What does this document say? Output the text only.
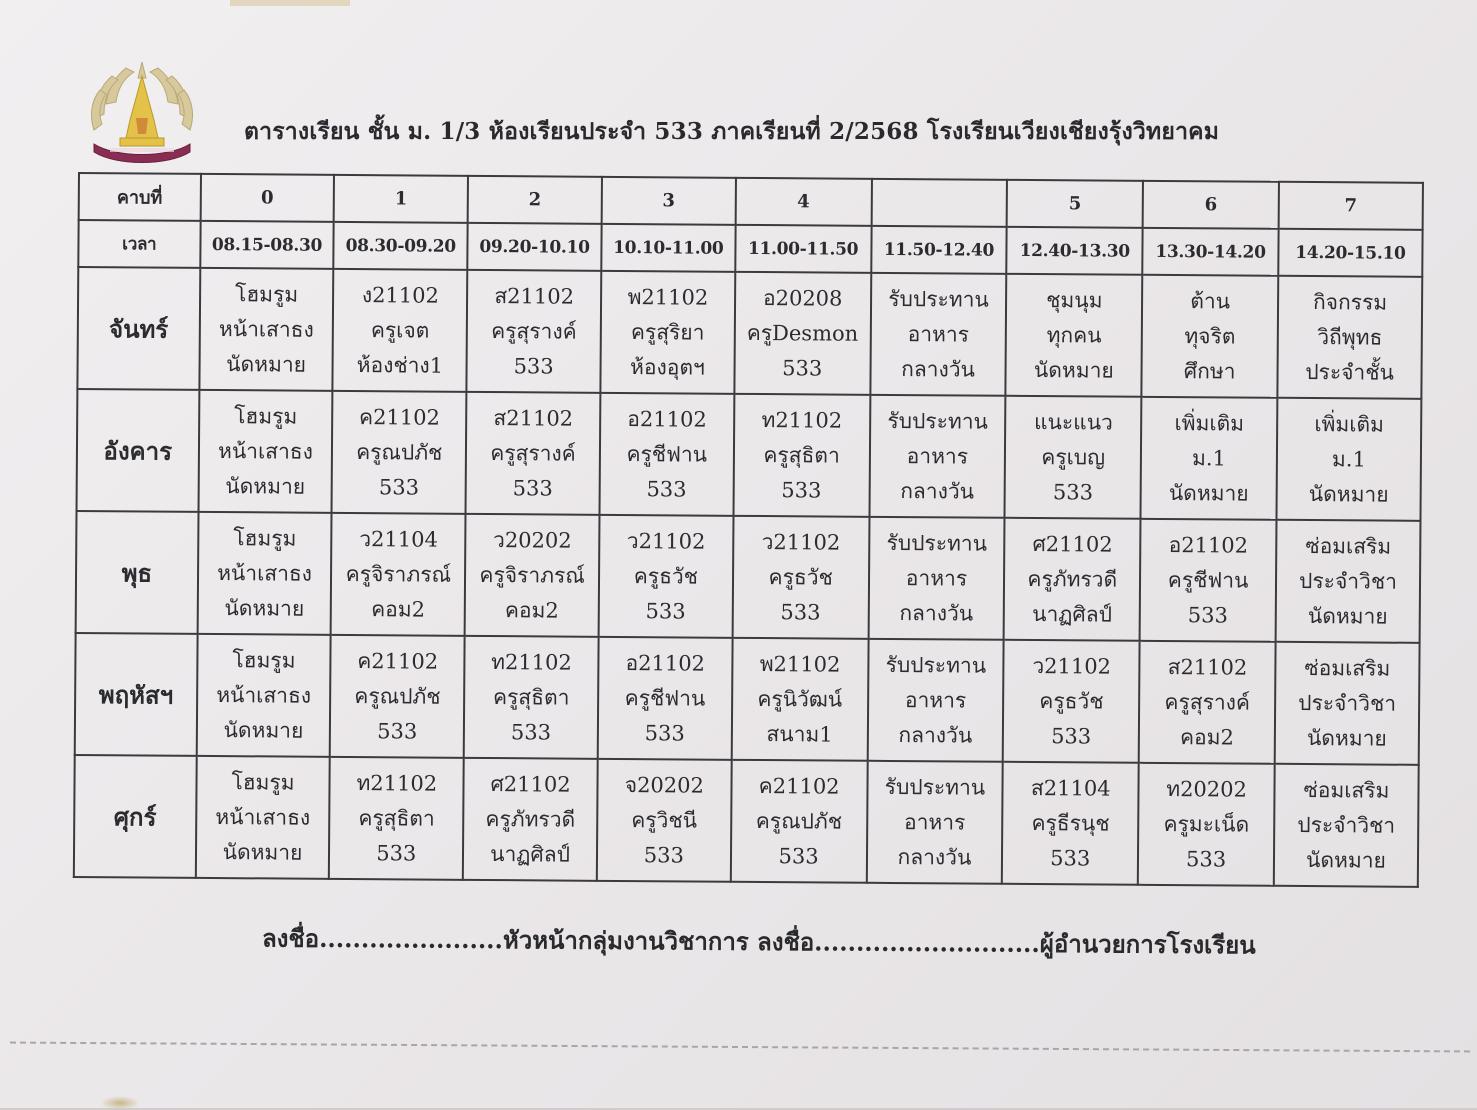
ตารางเรียน ชั้น ม. 1/3 ห้องเรียนประจำ 533 ภาคเรียนที่ 2/2568 โรงเรียนเวียงเชียงรุ้งวิทยาคม
คาบที่	0	1	2	3	4		5	6	7
เวลา	08.15-08.30	08.30-09.20	09.20-10.10	10.10-11.00	11.00-11.50	11.50-12.40	12.40-13.30	13.30-14.20	14.20-15.10
จันทร์	โฮมรูม
หน้าเสาธง
นัดหมาย	ง21102
ครูเจต
ห้องช่าง1	ส21102
ครูสุรางค์
533	พ21102
ครูสุริยา
ห้องอุตฯ	อ20208
ครูDesmon
533	รับประทาน
อาหาร
กลางวัน	ชุมนุม
ทุกคน
นัดหมาย	ต้าน
ทุจริต
ศึกษา	กิจกรรม
วิถีพุทธ
ประจำชั้น

อังคาร	โฮมรูม
หน้าเสาธง
นัดหมาย	ค21102
ครูณปภัช
533	ส21102
ครูสุรางค์
533	อ21102
ครูชีฟาน
533	ท21102
ครูสุธิตา
533	รับประทาน
อาหาร
กลางวัน	แนะแนว
ครูเบญ
533	เพิ่มเติม
ม.1
นัดหมาย	เพิ่มเติม
ม.1
นัดหมาย

พุธ	โฮมรูม
หน้าเสาธง
นัดหมาย	ว21104
ครูจิราภรณ์
คอม2	ว20202
ครูจิราภรณ์
คอม2	ว21102
ครูธวัช
533	ว21102
ครูธวัช
533	รับประทาน
อาหาร
กลางวัน	ศ21102
ครูภัทรวดี
นาฏศิลป์	อ21102
ครูชีฟาน
533	ซ่อมเสริม
ประจำวิชา
นัดหมาย

พฤหัสฯ	โฮมรูม
หน้าเสาธง
นัดหมาย	ค21102
ครูณปภัช
533	ท21102
ครูสุธิตา
533	อ21102
ครูชีฟาน
533	พ21102
ครูนิวัฒน์
สนาม1	รับประทาน
อาหาร
กลางวัน	ว21102
ครูธวัช
533	ส21102
ครูสุรางค์
คอม2	ซ่อมเสริม
ประจำวิชา
นัดหมาย

ศุกร์	โฮมรูม
หน้าเสาธง
นัดหมาย	ท21102
ครูสุธิตา
533	ศ21102
ครูภัทรวดี
นาฏศิลป์	จ20202
ครูวิชนี
533	ค21102
ครูณปภัช
533	รับประทาน
อาหาร
กลางวัน	ส21104
ครูธีรนุช
533	ท20202
ครูมะเน็ด
533	ซ่อมเสริม
ประจำวิชา
นัดหมาย
ลงชื่อ......................หัวหน้ากลุ่มงานวิชาการ ลงชื่อ...........................ผู้อำนวยการโรงเรียน
